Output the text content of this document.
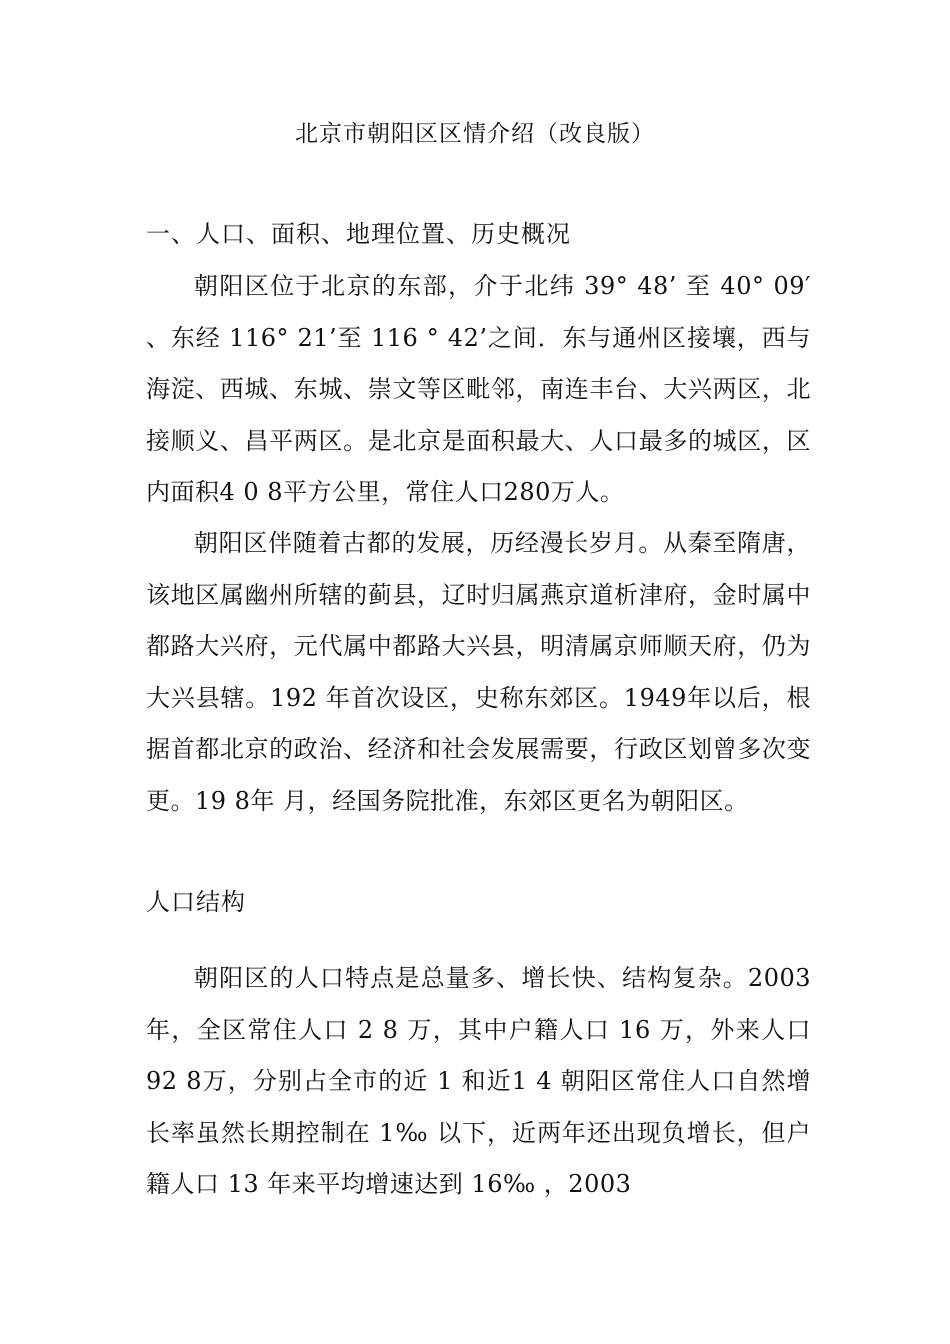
北京市朝阳区区情介绍（改良版）
一、人口、面积、地理位置、历史概况

朝阳区位于北京的东部，介于北纬 39° 48’ 至 40° 09′ 、东经 116° 21’至 116 ° 42’之间．东与通州区接壤，西与海淀、西城、东城、崇文等区毗邻，南连丰台、大兴两区，北接顺义、昌平两区。是北京是面积最大、人口最多的城区，区内面积4 0 8平方公里，常住人口280万人。

朝阳区伴随着古都的发展，历经漫长岁月。从秦至隋唐，该地区属幽州所辖的蓟县，辽时归属燕京道析津府，金时属中都路大兴府，元代属中都路大兴县，明清属京师顺天府，仍为大兴县辖。192 年首次设区，史称东郊区。1949年以后，根据首都北京的政治、经济和社会发展需要，行政区划曾多次变更。19 8年 月，经国务院批准，东郊区更名为朝阳区。

人口结构

朝阳区的人口特点是总量多、增长快、结构复杂。2003年，全区常住人口 2 8 万，其中户籍人口 16 万，外来人口 92 8万，分别占全市的近 1 和近1 4 朝阳区常住人口自然增长率虽然长期控制在 1‰ 以下，近两年还出现负增长，但户籍人口 13 年来平均增速达到 16‰ ，2003
